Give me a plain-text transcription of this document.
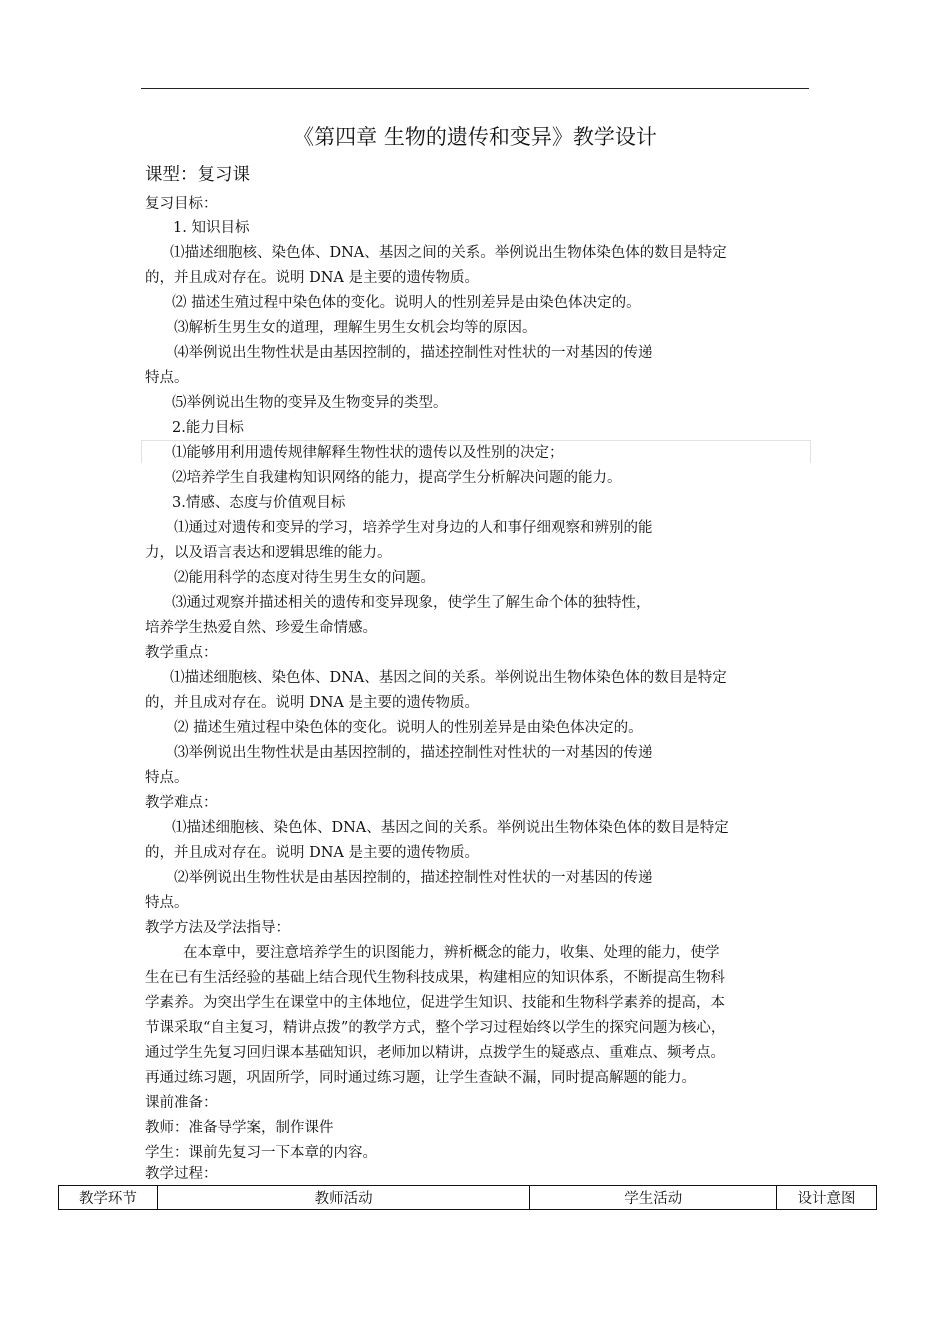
《第四章 生物的遗传和变异》教学设计
课型：复习课
复习目标：
1. 知识目标
⑴描述细胞核、染色体、DNA、基因之间的关系。举例说出生物体染色体的数目是特定
的，并且成对存在。说明 DNA 是主要的遗传物质。
⑵ 描述生殖过程中染色体的变化。说明人的性别差异是由染色体决定的。
⑶解析生男生女的道理，理解生男生女机会均等的原因。
⑷举例说出生物性状是由基因控制的，描述控制性对性状的一对基因的传递
特点。
⑸举例说出生物的变异及生物变异的类型。
2.能力目标
⑴能够用利用遗传规律解释生物性状的遗传以及性别的决定；
⑵培养学生自我建构知识网络的能力，提高学生分析解决问题的能力。
3.情感、态度与价值观目标
⑴通过对遗传和变异的学习，培养学生对身边的人和事仔细观察和辨别的能
力，以及语言表达和逻辑思维的能力。
⑵能用科学的态度对待生男生女的问题。
⑶通过观察并描述相关的遗传和变异现象，使学生了解生命个体的独特性，
培养学生热爱自然、珍爱生命情感。
教学重点：
⑴描述细胞核、染色体、DNA、基因之间的关系。举例说出生物体染色体的数目是特定
的，并且成对存在。说明 DNA 是主要的遗传物质。
⑵ 描述生殖过程中染色体的变化。说明人的性别差异是由染色体决定的。
⑶举例说出生物性状是由基因控制的，描述控制性对性状的一对基因的传递
特点。
教学难点：
⑴描述细胞核、染色体、DNA、基因之间的关系。举例说出生物体染色体的数目是特定
的，并且成对存在。说明 DNA 是主要的遗传物质。
⑵举例说出生物性状是由基因控制的，描述控制性对性状的一对基因的传递
特点。
教学方法及学法指导：
在本章中，要注意培养学生的识图能力，辨析概念的能力，收集、处理的能力，使学
生在已有生活经验的基础上结合现代生物科技成果，构建相应的知识体系，不断提高生物科
学素养。为突出学生在课堂中的主体地位，促进学生知识、技能和生物科学素养的提高，本
节课采取“自主复习，精讲点拨”的教学方式，整个学习过程始终以学生的探究问题为核心，
通过学生先复习回归课本基础知识，老师加以精讲，点拨学生的疑惑点、重难点、频考点。
再通过练习题，巩固所学，同时通过练习题，让学生查缺不漏，同时提高解题的能力。
课前准备：
教师：准备导学案，制作课件
学生：课前先复习一下本章的内容。
教学过程：
教学环节	教师活动	学生活动	设计意图
